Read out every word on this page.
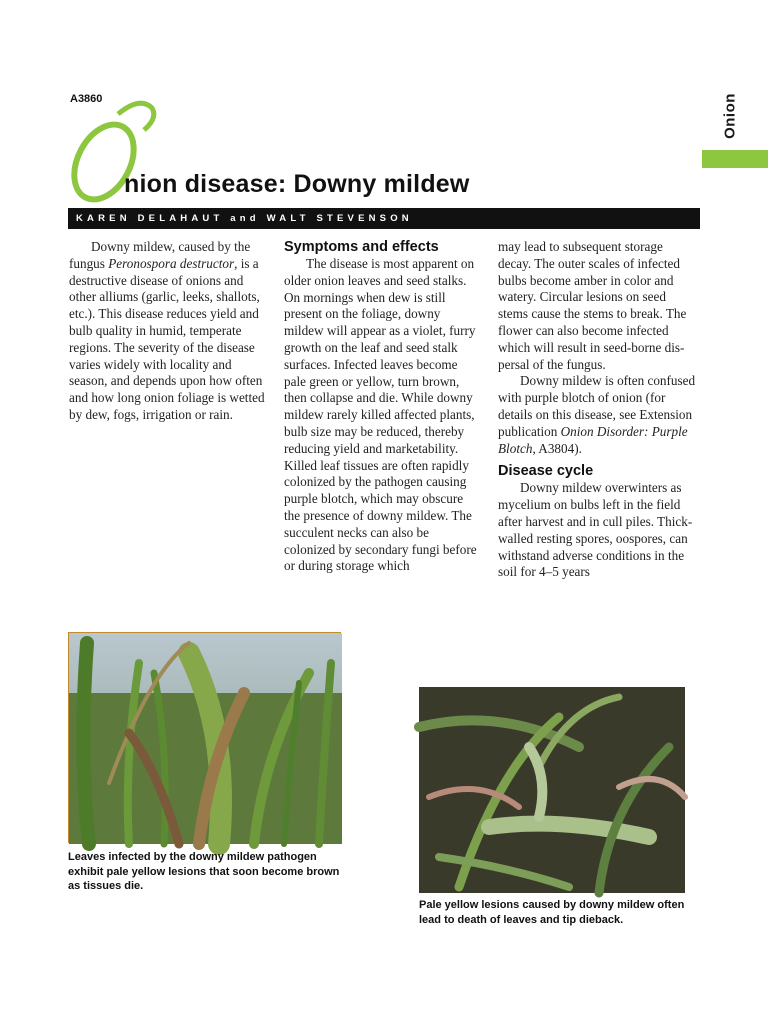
A3860	Onion
O
nion disease: Downy mildew
KAREN DELAHAUT and WALT STEVENSON

Downy mildew, caused by the fungus Peronospora destructor, is a destructive disease of onions and other alliums (garlic, leeks, shallots, etc.). This disease reduces yield and bulb quality in humid, temperate regions. The severity of the disease varies widely with locality and season, and depends upon how often and how long onion foliage is wetted by dew, fogs, irrigation or rain.

Symptoms and effects

The disease is most apparent on older onion leaves and seed stalks. On mornings when dew is still present on the foliage, downy mildew will appear as a violet, furry growth on the leaf and seed stalk surfaces. Infected leaves become pale green or yellow, turn brown, then collapse and die. While downy mildew rarely killed affected plants, bulb size may be reduced, thereby reducing yield and marketability. Killed leaf tissues are often rapidly colonized by the pathogen causing purple blotch, which may obscure the presence of downy mildew. The succulent necks can also be colonized by secondary fungi before or during storage which

may lead to subsequent storage decay. The outer scales of infected bulbs become amber in color and watery. Circular lesions on seed stems cause the stems to break. The flower can also become infected which will result in seed-borne dispersal of the fungus.

Downy mildew is often confused with purple blotch of onion (for details on this disease, see Extension publication Onion Disorder: Purple Blotch, A3804).

Disease cycle

Downy mildew overwinters as mycelium on bulbs left in the field after harvest and in cull piles. Thick-walled resting spores, oospores, can withstand adverse conditions in the soil for 4–5 years

Leaves infected by the downy mildew pathogen exhibit pale yellow lesions that soon become brown as tissues die.
Pale yellow lesions caused by downy mildew often lead to death of leaves and tip dieback.
